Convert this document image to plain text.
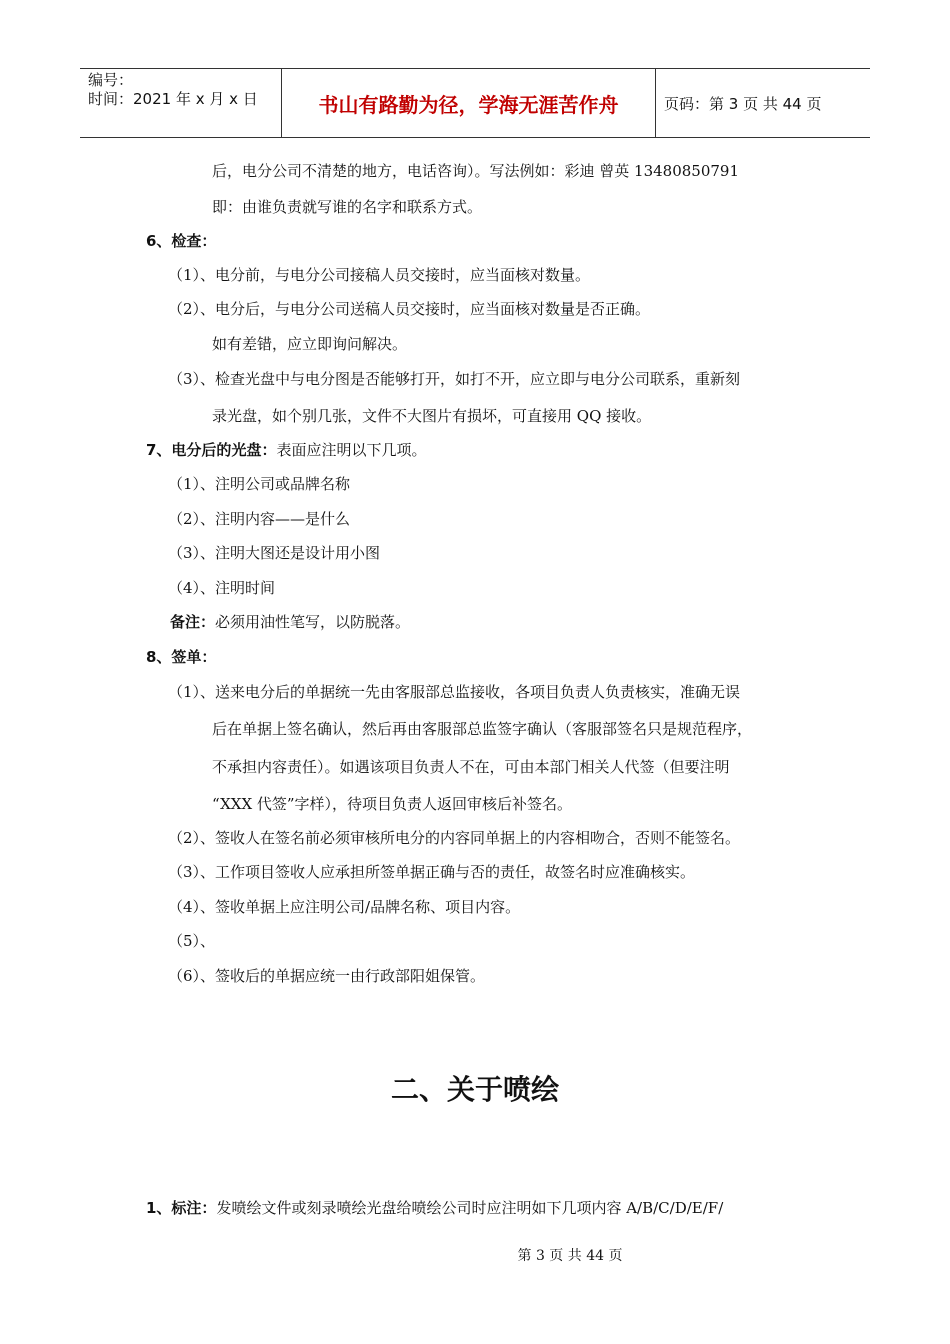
编号：
时间：2021 年 x 月 x 日	书山有路勤为径，学海无涯苦作舟	页码：第 3 页 共 44 页
后，电分公司不清楚的地方，电话咨询）。写法例如：彩迪 曾英 13480850791
即：由谁负责就写谁的名字和联系方式。
6、检查：
（1）、电分前，与电分公司接稿人员交接时，应当面核对数量。
（2）、电分后，与电分公司送稿人员交接时，应当面核对数量是否正确。
如有差错，应立即询问解决。
（3）、检查光盘中与电分图是否能够打开，如打不开，应立即与电分公司联系，重新刻
录光盘，如个别几张，文件不大图片有损坏，可直接用 QQ 接收。
7、电分后的光盘：表面应注明以下几项。
（1）、注明公司或品牌名称
（2）、注明内容——是什么
（3）、注明大图还是设计用小图
（4）、注明时间
备注：必须用油性笔写，以防脱落。
8、签单：
（1）、送来电分后的单据统一先由客服部总监接收，各项目负责人负责核实，准确无误
后在单据上签名确认，然后再由客服部总监签字确认（客服部签名只是规范程序，
不承担内容责任）。如遇该项目负责人不在，可由本部门相关人代签（但要注明
“XXX 代签”字样），待项目负责人返回审核后补签名。
（2）、签收人在签名前必须审核所电分的内容同单据上的内容相吻合，否则不能签名。
（3）、工作项目签收人应承担所签单据正确与否的责任，故签名时应准确核实。
（4）、签收单据上应注明公司/品牌名称、项目内容。
（5）、
（6）、签收后的单据应统一由行政部阳姐保管。
二、关于喷绘
1、标注：发喷绘文件或刻录喷绘光盘给喷绘公司时应注明如下几项内容 A/B/C/D/E/F/
第 3 页 共 44 页
